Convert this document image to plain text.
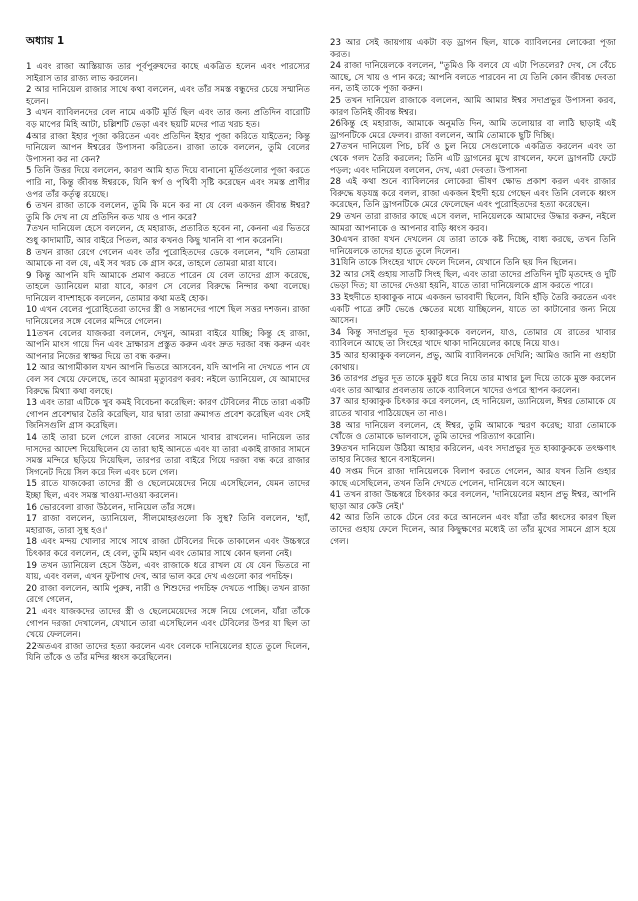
অধ্যায় 1

1 এবং রাজা আস্তিয়াজ তার পূর্বপুরুষদের কাছে একত্রিত হলেন এবং পারস্যের সাইরাস তার রাজ্য লাভ করলেন।

2 আর দানিয়েল রাজার সাথে কথা বললেন, এবং তাঁর সমস্ত বন্ধুদের চেয়ে সম্মানিত হলেন।

3 এখন ব্যাবিলনদের বেল নামে একটি মূর্তি ছিল এবং তার জন্য প্রতিদিন বারোটি বড় মাপের মিহি আটা, চল্লিশটি ভেড়া এবং ছয়টি মদের পাত্র খরচ হত।

4আর রাজা ইহার পূজা করিতেন এবং প্রতিদিন ইহার পূজা করিতে যাইতেন; কিন্তু দানিয়েল আপন ঈশ্বরের উপাসনা করিতেন। রাজা তাকে বললেন, তুমি বেলের উপাসনা কর না কেন?

5 তিনি উত্তর দিয়ে বললেন, কারণ আমি হাত দিয়ে বানানো মূর্তিগুলোর পূজা করতে পারি না, কিন্তু জীবন্ত ঈশ্বরকে, যিনি স্বর্গ ও পৃথিবী সৃষ্টি করেছেন এবং সমস্ত প্রাণীর ওপর তাঁর কর্তৃত্ব রয়েছে।

6 তখন রাজা তাকে বললেন, তুমি কি মনে কর না যে বেল একজন জীবন্ত ঈশ্বর? তুমি কি দেখ না যে প্রতিদিন কত খায় ও পান করে?

7তখন দানিয়েল হেসে বললেন, হে মহারাজ, প্রতারিত হবেন না, কেননা এর ভিতরে শুধু কাদামাটি, আর বাইরে পিতল, আর কখনও কিছু খাননি বা পান করেননি।

8 তখন রাজা রেগে গেলেন এবং তাঁর পুরোহিতদের ডেকে বললেন, "যদি তোমরা আমাকে না বল যে, এই সব খরচ কে গ্রাস করে, তাহলে তোমরা মারা যাবে।

9 কিন্তু আপনি যদি আমাকে প্রমাণ করতে পারেন যে বেল তাদের গ্রাস করেছে, তাহলে ড্যানিয়েল মারা যাবে, কারণ সে বেলের বিরুদ্ধে নিন্দার কথা বলেছে। দানিয়েল বাদশাহকে বললেন, তোমার কথা মতই হোক।

10 এখন বেলের পুরোহিতেরা তাদের স্ত্রী ও সন্তানদের পাশে ছিল সত্তর দশজন। রাজা দানিয়েলের সঙ্গে বেলের মন্দিরে গেলেন।

11তখন বেলের যাজকরা বললেন, দেখুন, আমরা বাইরে যাচ্ছি; কিন্তু হে রাজা, আপনি মাংস গায়ে দিন এবং দ্রাক্ষারস প্রস্তুত করুন এবং দ্রুত দরজা বন্ধ করুন এবং আপনার নিজের স্বাক্ষর দিয়ে তা বন্ধ করুন।

12 আর আগামীকাল যখন আপনি ভিতরে আসবেন, যদি আপনি না দেখতে পান যে বেল সব খেয়ে ফেলেছে, তবে আমরা মৃত্যুবরণ করব: নইলে ড্যানিয়েল, যে আমাদের বিরুদ্ধে মিথ্যা কথা বলছে।

13 এবং তারা এটিকে খুব কমই বিবেচনা করেছিল: কারণ টেবিলের নীচে তারা একটি গোপন প্রবেশদ্বার তৈরি করেছিল, যার দ্বারা তারা ক্রমাগত প্রবেশ করেছিল এবং সেই জিনিসগুলি গ্রাস করেছিল।

14 তাই তারা চলে গেলে রাজা বেলের সামনে খাবার রাখলেন। দানিয়েল তার দাসদের আদেশ দিয়েছিলেন যে তারা ছাই আনতে এবং যা তারা একাই রাজার সামনে সমস্ত মন্দিরে ছড়িয়ে দিয়েছিল, তারপর তারা বাইরে গিয়ে দরজা বন্ধ করে রাজার সিগনেট দিয়ে সিল করে দিল এবং চলে গেল।

15 রাতে যাজকেরা তাদের স্ত্রী ও ছেলেমেয়েদের নিয়ে এসেছিলেন, যেমন তাদের ইচ্ছা ছিল, এবং সমস্ত খাওয়া-দাওয়া করলেন।

16 ভোরবেলা রাজা উঠলেন, দানিয়েল তাঁর সঙ্গে।

17 রাজা বললেন, ড্যানিয়েল, সীলমোহরগুলো কি সুস্থ? তিনি বললেন, 'হ্যাঁ, মহারাজ, তারা সুস্থ হও।'

18 এবং মন্দয় খোলার সাথে সাথে রাজা টেবিলের দিকে তাকালেন এবং উচ্চস্বরে চিৎকার করে বললেন, হে বেল, তুমি মহান এবং তোমার সাথে কোন ছলনা নেই।

19 তখন ড্যানিয়েল হেসে উঠল, এবং রাজাকে ধরে রাখল যে যে যেন ভিতরে না যায়, এবং বলল, এখন ফুটপাথ দেখ, আর ভাল করে দেখ এগুলো কার পদচিহ্ন।

20 রাজা বললেন, আমি পুরুষ, নারী ও শিশুদের পদচিহ্ন দেখতে পাচ্ছি। তখন রাজা রেগে গেলেন,

21 এবং যাজকদের তাদের স্ত্রী ও ছেলেমেয়েদের সঙ্গে নিয়ে গেলেন, যাঁরা তাঁকে গোপন দরজা দেখালেন, যেখানে তারা এসেছিলেন এবং টেবিলের উপর যা ছিল তা খেয়ে ফেললেন।

22অতএব রাজা তাদের হত্যা করলেন এবং বেলকে দানিয়েলের হাতে তুলে দিলেন, যিনি তাঁকে ও তাঁর মন্দির ধ্বংস করেছিলেন।

23 আর সেই জায়গায় একটা বড় ড্রাগন ছিল, যাকে ব্যাবিলনের লোকেরা পূজা করত।

24 রাজা দানিয়েলকে বললেন, "তুমিও কি বলবে যে এটা পিতলের? দেখ, সে বেঁচে আছে, সে খায় ও পান করে; আপনি বলতে পারবেন না যে তিনি কোন জীবন্ত দেবতা নন, তাই তাকে পূজা করুন।

25 তখন দানিয়েল রাজাকে বললেন, আমি আমার ঈশ্বর সদাপ্রভুর উপাসনা করব, কারণ তিনিই জীবন্ত ঈশ্বর।

26কিন্তু হে মহারাজ, আমাকে অনুমতি দিন, আমি তলোয়ার বা লাঠি ছাড়াই এই ড্রাগনটিকে মেরে ফেলব। রাজা বললেন, আমি তোমাকে ছুটি দিচ্ছি।

27তখন দানিয়েল পিচ, চর্বি ও চুল নিয়ে সেগুলোকে একত্রিত করলেন এবং তা থেকে গলদ তৈরি করলেন; তিনি এটি ড্রাগনের মুখে রাখলেন, ফলে ড্রাগনটি ফেটে পড়ল; এবং দানিয়েল বললেন, দেখ, এরা দেবতা। উপাসনা

28 এই কথা শুনে ব্যাবিলনের লোকেরা ভীষণ ক্ষোভ প্রকাশ করল এবং রাজার বিরুদ্ধে ষড়যন্ত্র করে বলল, রাজা একজন ইহুদী হয়ে গেছেন এবং তিনি বেলকে ধ্বংস করেছেন, তিনি ড্রাগনটিকে মেরে ফেলেছেন এবং পুরোহিতদের হত্যা করেছেন।

29 তখন তারা রাজার কাছে এসে বলল, দানিয়েলকে আমাদের উদ্ধার করুন, নইলে আমরা আপনাকে ও আপনার বাড়ি ধ্বংস করব।

30এখন রাজা যখন দেখলেন যে তারা তাকে কষ্ট দিচ্ছে, বাধ্য করছে, তখন তিনি দানিয়েলকে তাদের হাতে তুলে দিলেন।

31যিনি তাকে সিংহের খাদে ফেলে দিলেন, যেখানে তিনি ছয় দিন ছিলেন।

32 আর সেই গুহায় সাতটি সিংহ ছিল, এবং তারা তাদের প্রতিদিন দুটি মৃতদেহ ও দুটি ভেড়া দিত; যা তাদের দেওয়া হয়নি, যাতে তারা দানিয়েলকে গ্রাস করতে পারে।

33 ইহুদীতে হাব্বাকুক নামে একজন ভাববাদী ছিলেন, যিনি হাঁড়ি তৈরি করতেন এবং একটি পাত্রে রুটি ভেঙে ক্ষেতের মধ্যে যাচ্ছিলেন, যাতে তা কাটানোর জন্য নিয়ে আসেন।

34 কিন্তু সদাপ্রভুর দূত হাব্বাকুককে বললেন, যাও, তোমার যে রাতের খাবার ব্যাবিলনে আছে তা সিংহের খাদে থাকা দানিয়েলের কাছে নিয়ে যাও।

35 আর হাব্বাকুক বললেন, প্রভু, আমি ব্যাবিলনকে দেখিনি; আমিও জানি না গুহাটা কোথায়।

36 তারপর প্রভুর দূত তাকে মুকুট ধরে নিয়ে তার মাথার চুল দিয়ে তাকে মুক্ত করলেন এবং তার আত্মার প্রবলতায় তাকে ব্যাবিলনে খাদের ওপরে স্থাপন করলেন।

37 আর হাব্বাকুক চিৎকার করে বললেন, হে দানিয়েল, ড্যানিয়েল, ঈশ্বর তোমাকে যে রাতের খাবার পাঠিয়েছেন তা নাও।

38 আর দানিয়েল বললেন, হে ঈশ্বর, তুমি আমাকে স্মরণ করেছ; যারা তোমাকে খোঁজে ও তোমাকে ভালবাসে, তুমি তাদের পরিত্যাগ করোনি।

39তখন দানিয়েল উঠিয়া আহার করিলেন, এবং সদাপ্রভুর দূত হাব্বাকুককে তৎক্ষণাৎ তাহার নিজের স্থানে বসাইলেন।

40 সপ্তম দিনে রাজা দানিয়েলকে বিলাপ করতে গেলেন, আর যখন তিনি গুহার কাছে এসেছিলেন, তখন তিনি দেখতে পেলেন, দানিয়েল বসে আছেন।

41 তখন রাজা উচ্চস্বরে চিৎকার করে বললেন, 'দানিয়েলের মহান প্রভু ঈশ্বর, আপনি ছাড়া আর কেউ নেই।'

42 আর তিনি তাকে টেনে বের করে আনলেন এবং যাঁরা তাঁর ধ্বংসের কারণ ছিল তাদের গুহায় ফেলে দিলেন, আর কিছুক্ষণের মধ্যেই তা তাঁর মুখের সামনে গ্রাস হয়ে গেল।
